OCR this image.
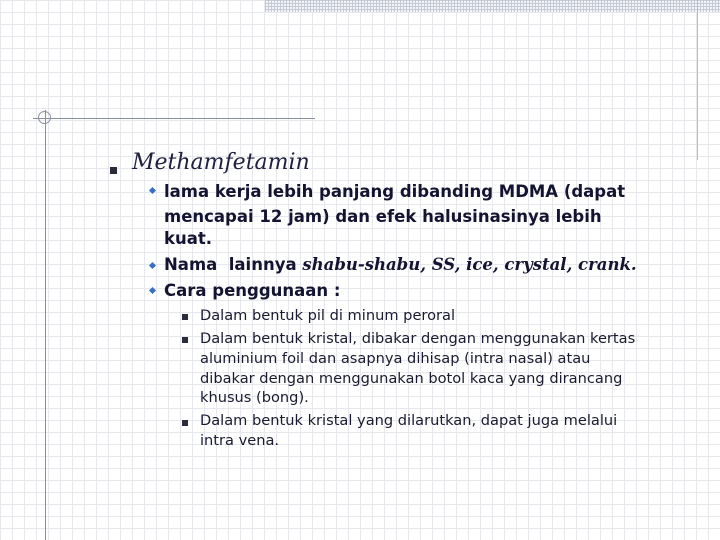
Methamfetamin
lama kerja lebih panjang dibanding MDMA (dapat
mencapai 12 jam) dan efek halusinasinya lebih
kuat.
Nama  lainnya shabu-shabu, SS, ice, crystal, crank.
Cara penggunaan :
Dalam bentuk pil di minum peroral
Dalam bentuk kristal, dibakar dengan menggunakan kertas
aluminium foil dan asapnya dihisap (intra nasal) atau
dibakar dengan menggunakan botol kaca yang dirancang
khusus (bong).
Dalam bentuk kristal yang dilarutkan, dapat juga melalui
intra vena.
